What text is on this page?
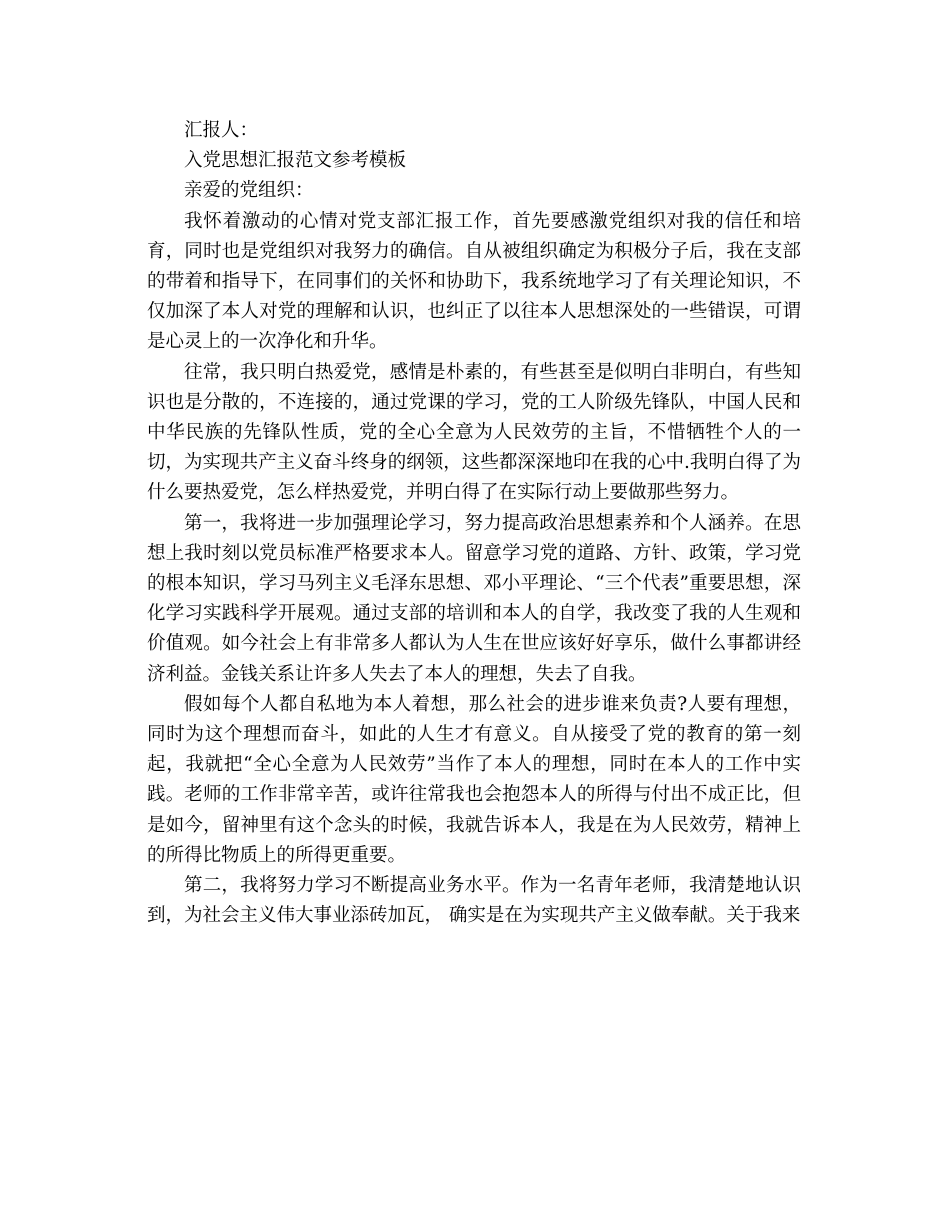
汇报人：

入党思想汇报范文参考模板

亲爱的党组织：

我怀着激动的心情对党支部汇报工作，首先要感激党组织对我的信任和培育，同时也是党组织对我努力的确信。自从被组织确定为积极分子后，我在支部的带着和指导下，在同事们的关怀和协助下，我系统地学习了有关理论知识，不仅加深了本人对党的理解和认识，也纠正了以往本人思想深处的一些错误，可谓是心灵上的一次净化和升华。

往常，我只明白热爱党，感情是朴素的，有些甚至是似明白非明白，有些知识也是分散的，不连接的，通过党课的学习，党的工人阶级先锋队，中国人民和中华民族的先锋队性质，党的全心全意为人民效劳的主旨，不惜牺牲个人的一切，为实现共产主义奋斗终身的纲领，这些都深深地印在我的心中.我明白得了为什么要热爱党，怎么样热爱党，并明白得了在实际行动上要做那些努力。

第一，我将进一步加强理论学习，努力提高政治思想素养和个人涵养。在思想上我时刻以党员标准严格要求本人。留意学习党的道路、方针、政策，学习党的根本知识，学习马列主义毛泽东思想、邓小平理论、“三个代表”重要思想，深化学习实践科学开展观。通过支部的培训和本人的自学，我改变了我的人生观和价值观。如今社会上有非常多人都认为人生在世应该好好享乐，做什么事都讲经济利益。金钱关系让许多人失去了本人的理想，失去了自我。

假如每个人都自私地为本人着想，那么社会的进步谁来负责?人要有理想，同时为这个理想而奋斗，如此的人生才有意义。自从接受了党的教育的第一刻起，我就把“全心全意为人民效劳”当作了本人的理想，同时在本人的工作中实践。老师的工作非常辛苦，或许往常我也会抱怨本人的所得与付出不成正比，但是如今，留神里有这个念头的时候，我就告诉本人，我是在为人民效劳，精神上的所得比物质上的所得更重要。

第二，我将努力学习不断提高业务水平。作为一名青年老师，我清楚地认识到，为社会主义伟大事业添砖加瓦， 确实是在为实现共产主义做奉献。关于我来
